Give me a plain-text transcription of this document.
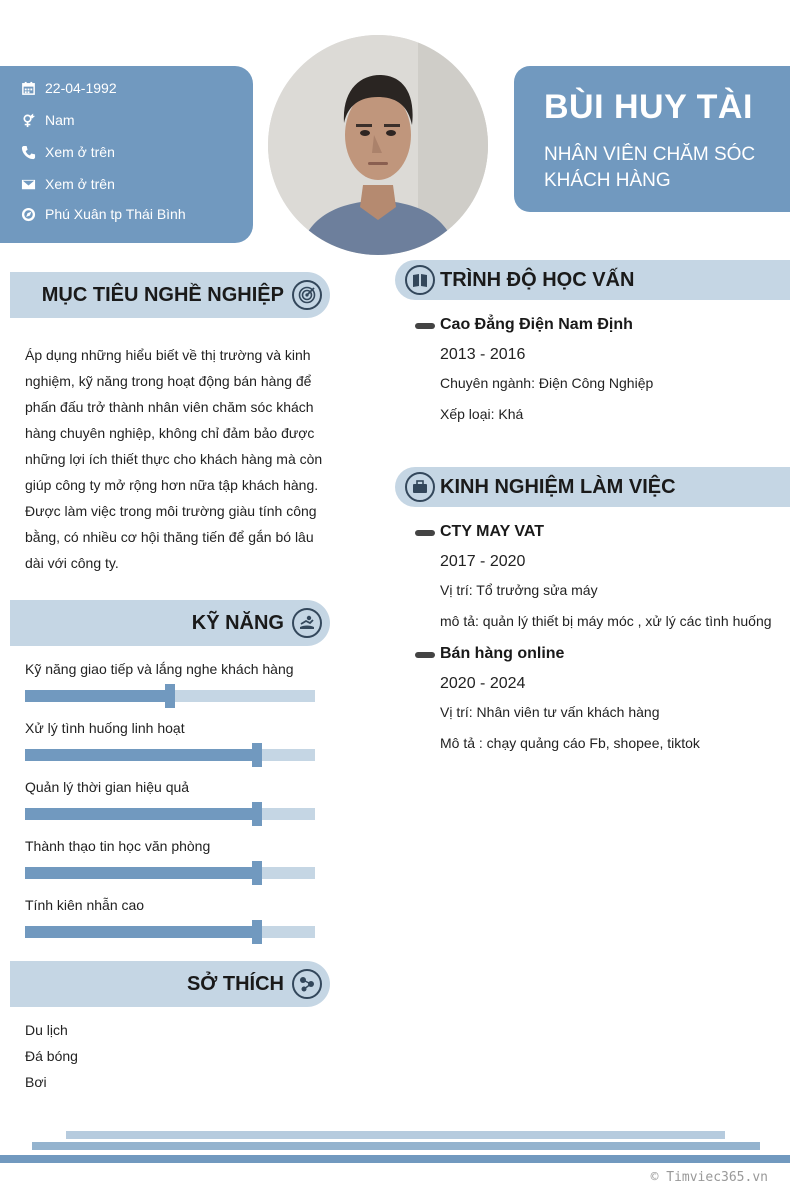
22-04-1992
Nam
Xem ở trên
Xem ở trên
Phú Xuân tp Thái Bình
BÙI HUY TÀI
NHÂN VIÊN CHĂM SÓC KHÁCH HÀNG
MỤC TIÊU NGHỀ NGHIỆP
Áp dụng những hiểu biết về thị trường và kinh nghiệm, kỹ năng trong hoạt động bán hàng để phấn đấu trở thành nhân viên chăm sóc khách hàng chuyên nghiệp, không chỉ đảm bảo được những lợi ích thiết thực cho khách hàng mà còn giúp công ty mở rộng hơn nữa tập khách hàng. Được làm việc trong môi trường giàu tính công bằng, có nhiều cơ hội thăng tiến để gắn bó lâu dài với công ty.
KỸ NĂNG
Kỹ năng giao tiếp và lắng nghe khách hàng
Xử lý tình huống linh hoạt
Quản lý thời gian hiệu quả
Thành thạo tin học văn phòng
Tính kiên nhẫn cao
SỞ THÍCH
Du lịch
Đá bóng
Bơi
TRÌNH ĐỘ HỌC VẤN
Cao Đẳng Điện Nam Định
2013 - 2016
Chuyên ngành: Điện Công Nghiệp
Xếp loại: Khá
KINH NGHIỆM LÀM VIỆC
CTY MAY VAT
2017 - 2020
Vị trí: Tổ trưởng sửa máy
mô tả: quản lý thiết bị máy móc , xử lý các tình huống
Bán hàng online
2020 - 2024
Vị trí: Nhân viên tư vấn khách hàng
Mô tả : chạy quảng cáo Fb, shopee, tiktok
© Timviec365.vn
